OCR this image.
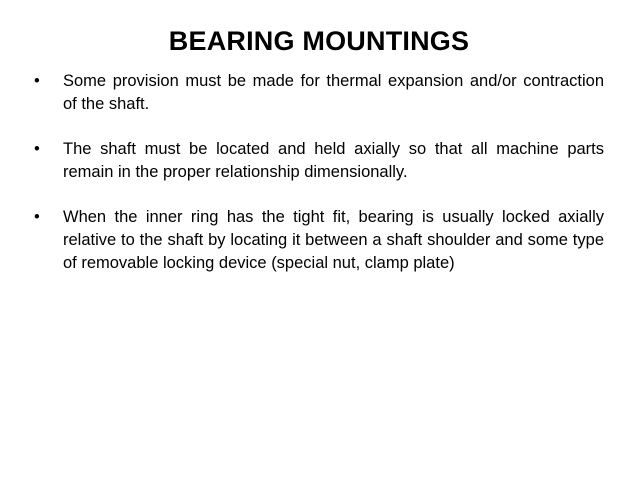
BEARING MOUNTINGS
•	Some provision must be made for thermal expansion and/or contraction of the shaft.
•	The shaft must be located and held axially so that all machine parts remain in the proper relationship dimensionally.
•	When the inner ring has the tight fit, bearing is usually locked axially relative to the shaft by locating it between a shaft shoulder and some type of removable locking device (special nut, clamp plate)
